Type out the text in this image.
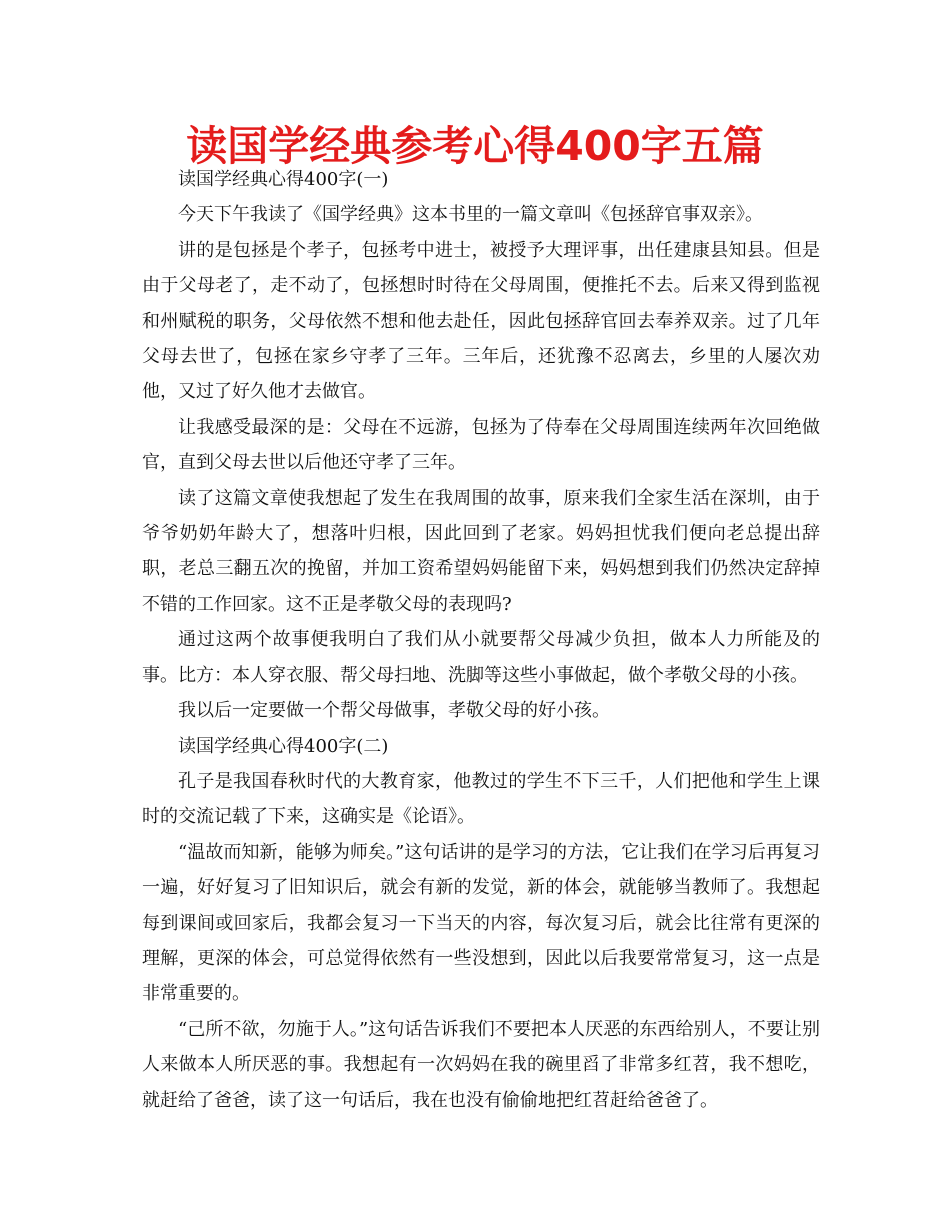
读国学经典参考心得400字五篇

读国学经典心得400字(一)

今天下午我读了《国学经典》这本书里的一篇文章叫《包拯辞官事双亲》。

讲的是包拯是个孝子，包拯考中进士，被授予大理评事，出任建康县知县。但是由于父母老了，走不动了，包拯想时时待在父母周围，便推托不去。后来又得到监视和州赋税的职务，父母依然不想和他去赴任，因此包拯辞官回去奉养双亲。过了几年父母去世了，包拯在家乡守孝了三年。三年后，还犹豫不忍离去，乡里的人屡次劝他，又过了好久他才去做官。

让我感受最深的是：父母在不远游，包拯为了侍奉在父母周围连续两年次回绝做官，直到父母去世以后他还守孝了三年。

读了这篇文章使我想起了发生在我周围的故事，原来我们全家生活在深圳，由于爷爷奶奶年龄大了，想落叶归根，因此回到了老家。妈妈担忧我们便向老总提出辞职，老总三翻五次的挽留，并加工资希望妈妈能留下来，妈妈想到我们仍然决定辞掉不错的工作回家。这不正是孝敬父母的表现吗?

通过这两个故事便我明白了我们从小就要帮父母减少负担，做本人力所能及的事。比方：本人穿衣服、帮父母扫地、洗脚等这些小事做起，做个孝敬父母的小孩。

我以后一定要做一个帮父母做事，孝敬父母的好小孩。

读国学经典心得400字(二)

孔子是我国春秋时代的大教育家，他教过的学生不下三千，人们把他和学生上课时的交流记载了下来，这确实是《论语》。

“温故而知新，能够为师矣。”这句话讲的是学习的方法，它让我们在学习后再复习一遍，好好复习了旧知识后，就会有新的发觉，新的体会，就能够当教师了。我想起每到课间或回家后，我都会复习一下当天的内容，每次复习后，就会比往常有更深的理解，更深的体会，可总觉得依然有一些没想到，因此以后我要常常复习，这一点是非常重要的。

“己所不欲，勿施于人。”这句话告诉我们不要把本人厌恶的东西给别人，不要让别人来做本人所厌恶的事。我想起有一次妈妈在我的碗里舀了非常多红苕，我不想吃，就赶给了爸爸，读了这一句话后，我在也没有偷偷地把红苕赶给爸爸了。
